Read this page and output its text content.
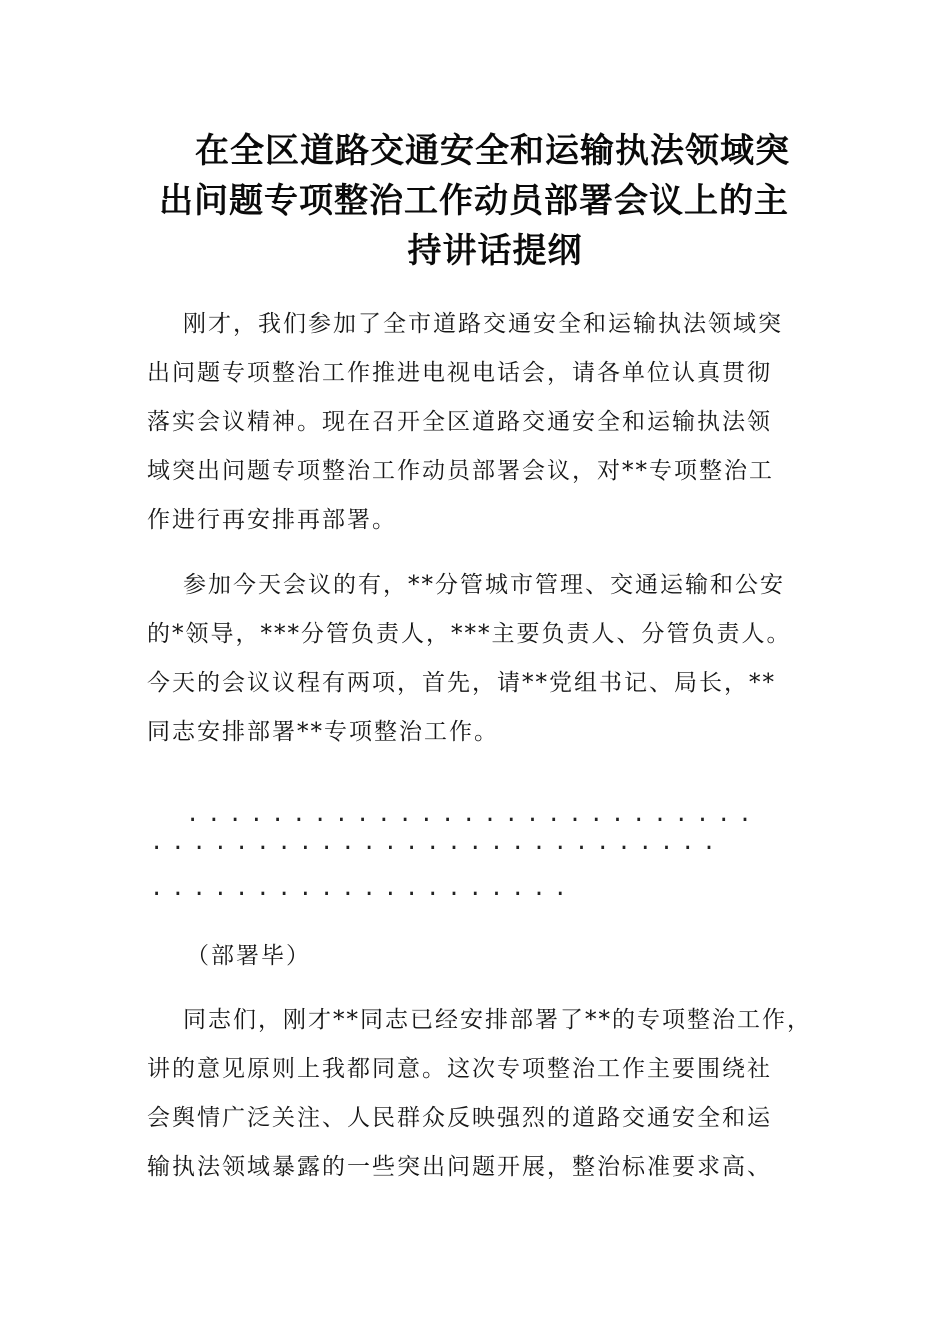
在全区道路交通安全和运输执法领域突
出问题专项整治工作动员部署会议上的主
持讲话提纲

刚才，我们参加了全市道路交通安全和运输执法领域突

出问题专项整治工作推进电视电话会，请各单位认真贯彻

落实会议精神。现在召开全区道路交通安全和运输执法领

域突出问题专项整治工作动员部署会议，对**专项整治工

作进行再安排再部署。

参加今天会议的有，**分管城市管理、交通运输和公安

的*领导，***分管负责人，***主要负责人、分管负责人。

今天的会议议程有两项，首先，请**党组书记、局长，**

同志安排部署**专项整治工作。

...........................

...........................

....................

（部署毕）

同志们，刚才**同志已经安排部署了**的专项整治工作，

讲的意见原则上我都同意。这次专项整治工作主要围绕社

会舆情广泛关注、人民群众反映强烈的道路交通安全和运

输执法领域暴露的一些突出问题开展，整治标准要求高、
